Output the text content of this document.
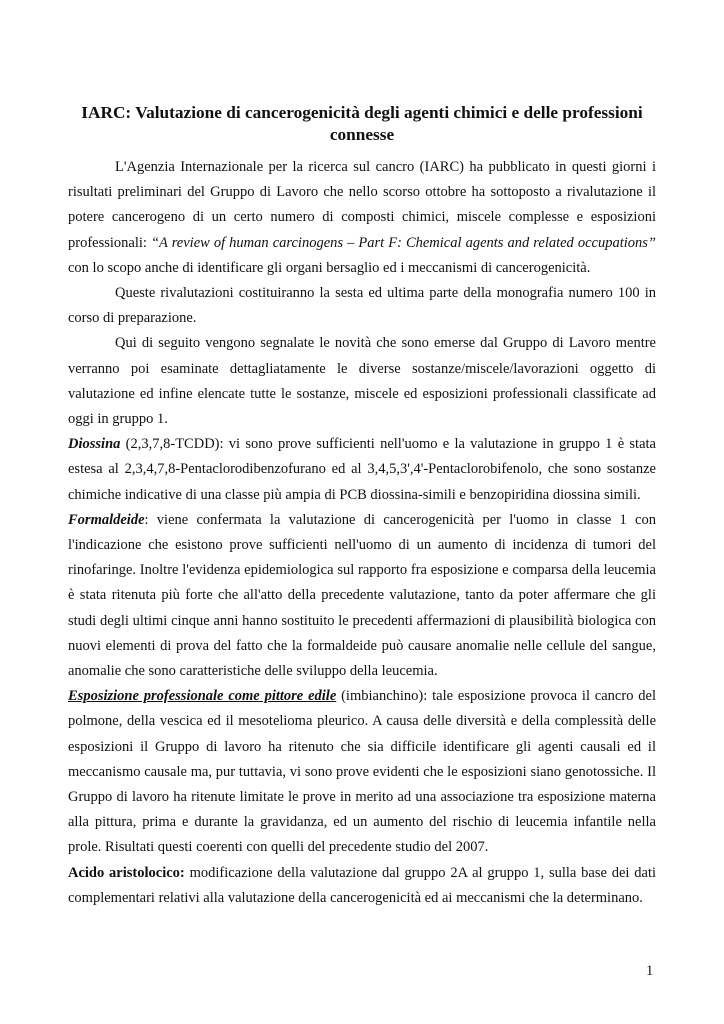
IARC: Valutazione di cancerogenicità degli agenti chimici e delle professioni connesse

L'Agenzia Internazionale per la ricerca sul cancro (IARC) ha pubblicato in questi giorni i risultati preliminari del Gruppo di Lavoro che nello scorso ottobre ha sottoposto a rivalutazione il potere cancerogeno di un certo numero di composti chimici, miscele complesse e esposizioni professionali: “A review of human carcinogens – Part F: Chemical agents and related occupations” con lo scopo anche di identificare gli organi bersaglio ed i meccanismi di cancerogenicità.

Queste rivalutazioni costituiranno la sesta ed ultima parte della monografia numero 100 in corso di preparazione.

Qui di seguito vengono segnalate le novità che sono emerse dal Gruppo di Lavoro mentre verranno poi esaminate dettagliatamente le diverse sostanze/miscele/lavorazioni oggetto di valutazione ed infine elencate tutte le sostanze, miscele ed esposizioni professionali classificate ad oggi in gruppo 1.

Diossina (2,3,7,8-TCDD): vi sono prove sufficienti nell'uomo e la valutazione in gruppo 1 è stata estesa al 2,3,4,7,8-Pentaclorodibenzofurano ed al 3,4,5,3',4'-Pentaclorobifenolo, che sono sostanze chimiche indicative di una classe più ampia di PCB diossina-simili e benzopiridina diossina simili.

Formaldeide: viene confermata la valutazione di cancerogenicità per l'uomo in classe 1 con l'indicazione che esistono prove sufficienti nell'uomo di un aumento di incidenza di tumori del rinofaringe. Inoltre l'evidenza epidemiologica sul rapporto fra esposizione e comparsa della leucemia è stata ritenuta più forte che all'atto della precedente valutazione, tanto da poter affermare che gli studi degli ultimi cinque anni hanno sostituito le precedenti affermazioni di plausibilità biologica con nuovi elementi di prova del fatto che la formaldeide può causare anomalie nelle cellule del sangue, anomalie che sono caratteristiche delle sviluppo della leucemia.

Esposizione professionale come pittore edile (imbianchino): tale esposizione provoca il cancro del polmone, della vescica ed il mesotelioma pleurico. A causa delle diversità e della complessità delle esposizioni il Gruppo di lavoro ha ritenuto che sia difficile identificare gli agenti causali ed il meccanismo causale ma, pur tuttavia, vi sono prove evidenti che le esposizioni siano genotossiche. Il Gruppo di lavoro ha ritenute limitate le prove in merito ad una associazione tra esposizione materna alla pittura, prima e durante la gravidanza, ed un aumento del rischio di leucemia infantile nella prole. Risultati questi coerenti con quelli del precedente studio del 2007.

Acido aristolocico: modificazione della valutazione dal gruppo 2A al gruppo 1, sulla base dei dati complementari relativi alla valutazione della cancerogenicità ed ai meccanismi che la determinano.

1
